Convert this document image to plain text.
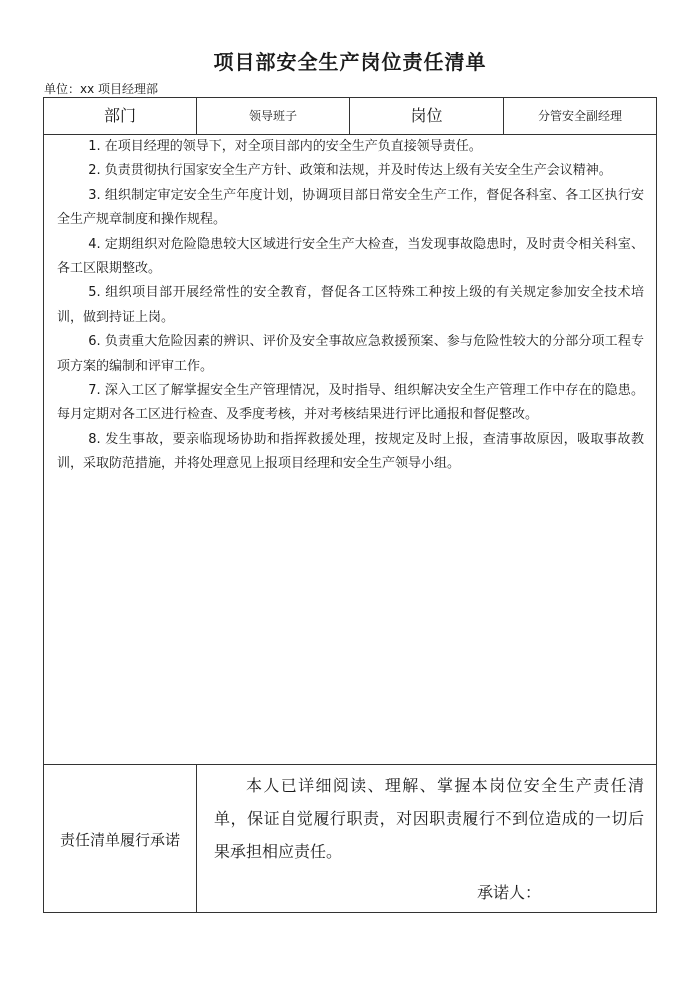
项目部安全生产岗位责任清单
单位：xx 项目经理部
部门	领导班子	岗位	分管安全副经理

1. 在项目经理的领导下，对全项目部内的安全生产负直接领导责任。

2. 负责贯彻执行国家安全生产方针、政策和法规，并及时传达上级有关安全生产会议精神。

3. 组织制定审定安全生产年度计划，协调项目部日常安全生产工作，督促各科室、各工区执行安全生产规章制度和操作规程。

4. 定期组织对危险隐患较大区域进行安全生产大检查，当发现事故隐患时，及时责令相关科室、各工区限期整改。

5. 组织项目部开展经常性的安全教育，督促各工区特殊工种按上级的有关规定参加安全技术培训，做到持证上岗。

6. 负责重大危险因素的辨识、评价及安全事故应急救援预案、参与危险性较大的分部分项工程专项方案的编制和评审工作。

7. 深入工区了解掌握安全生产管理情况，及时指导、组织解决安全生产管理工作中存在的隐患。每月定期对各工区进行检查、及季度考核，并对考核结果进行评比通报和督促整改。

8. 发生事故，要亲临现场协助和指挥救援处理，按规定及时上报，查清事故原因，吸取事故教训，采取防范措施，并将处理意见上报项目经理和安全生产领导小组。

责任清单履行承诺

本人已详细阅读、理解、掌握本岗位安全生产责任清单，保证自觉履行职责，对因职责履行不到位造成的一切后果承担相应责任。

承诺人：
